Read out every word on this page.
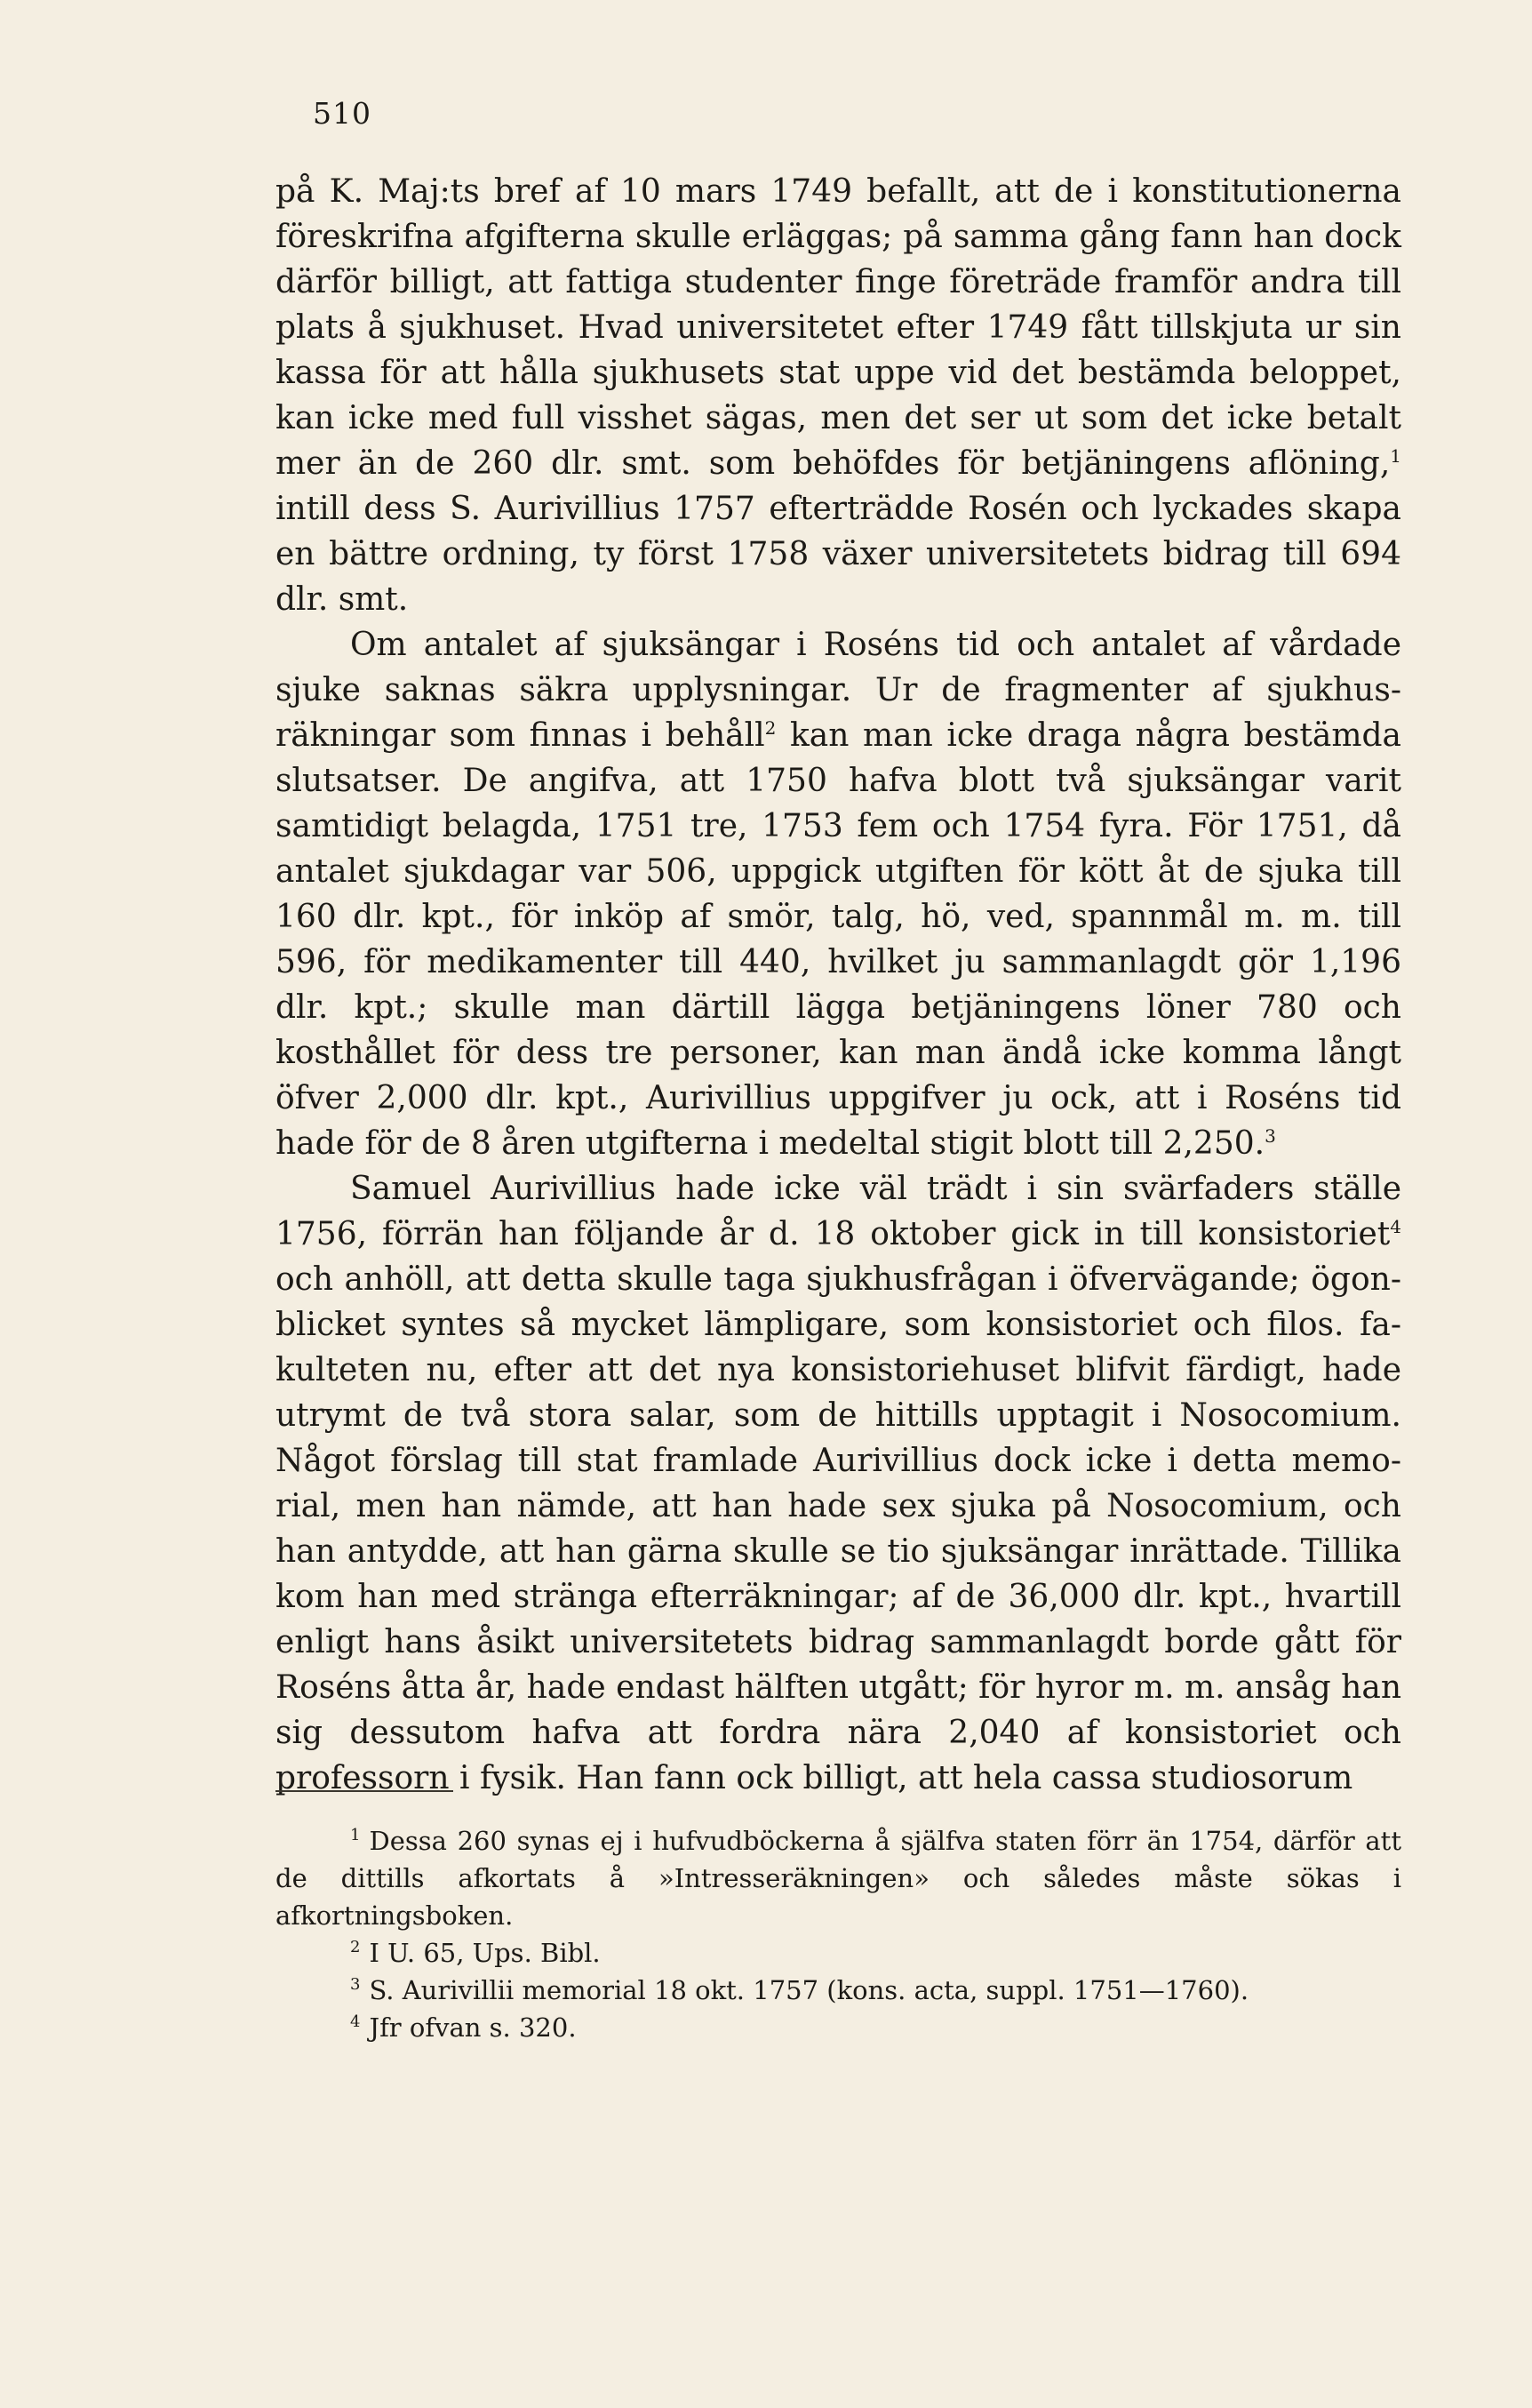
510

på K. Maj:ts bref af 10 mars 1749 befallt, att de i konstitutionerna föreskrifna afgifterna skulle erläggas; på samma gång fann han dock därför billigt, att fattiga studenter finge företräde framför andra till plats å sjukhuset. Hvad universitetet efter 1749 fått tillskjuta ur sin kassa för att hålla sjukhusets stat uppe vid det bestämda beloppet, kan icke med full visshet sägas, men det ser ut som det icke betalt mer än de 260 dlr. smt. som behöfdes för betjäningens aflöning,$^1$ intill dess S. Aurivillius 1757 efterträdde Rosén och lyckades skapa en bättre ordning, ty först 1758 växer universitetets bidrag till 694 dlr. smt.

Om antalet af sjuksängar i Roséns tid och antalet af vårdade sjuke saknas säkra upplysningar. Ur de fragmenter af sjukhusräkningar som finnas i behåll$^2$ kan man icke draga några bestämda slutsatser. De angifva, att 1750 hafva blott två sjuksängar varit samtidigt belagda, 1751 tre, 1753 fem och 1754 fyra. För 1751, då antalet sjukdagar var 506, uppgick utgiften för kött åt de sjuka till 160 dlr. kpt., för inköp af smör, talg, hö, ved, spannmål m. m. till 596, för medikamenter till 440, hvilket ju sammanlagdt gör 1,196 dlr. kpt.; skulle man därtill lägga betjäningens löner 780 och kosthållet för dess tre personer, kan man ändå icke komma långt öfver 2,000 dlr. kpt., Aurivillius uppgifver ju ock, att i Roséns tid hade för de 8 åren utgifterna i medeltal stigit blott till 2,250.$^3$

Samuel Aurivillius hade icke väl trädt i sin svärfaders ställe 1756, förrän han följande år d. 18 oktober gick in till konsistoriet$^4$ och anhöll, att detta skulle taga sjukhusfrågan i öfvervägande; ögonblicket syntes så mycket lämpligare, som konsistoriet och filos. fakulteten nu, efter att det nya konsistoriehuset blifvit färdigt, hade utrymt de två stora salar, som de hittills upptagit i Nosocomium. Något förslag till stat framlade Aurivillius dock icke i detta memorial, men han nämde, att han hade sex sjuka på Nosocomium, och han antydde, att han gärna skulle se tio sjuksängar inrättade. Tillika kom han med stränga efterräkningar; af de 36,000 dlr. kpt., hvartill enligt hans åsikt universitetets bidrag sammanlagdt borde gått för Roséns åtta år, hade endast hälften utgått; för hyror m. m. ansåg han sig dessutom hafva att fordra nära 2,040 af konsistoriet och professorn i fysik. Han fann ock billigt, att hela cassa studiosorum

$^1$ Dessa 260 synas ej i hufvudböckerna å själfva staten förr än 1754, därför att de dittills afkortats å »Intresseräkningen» och således måste sökas i afkortningsboken.

$^2$ I U. 65, Ups. Bibl.

$^3$ S. Aurivillii memorial 18 okt. 1757 (kons. acta, suppl. 1751—1760).

$^4$ Jfr ofvan s. 320.
